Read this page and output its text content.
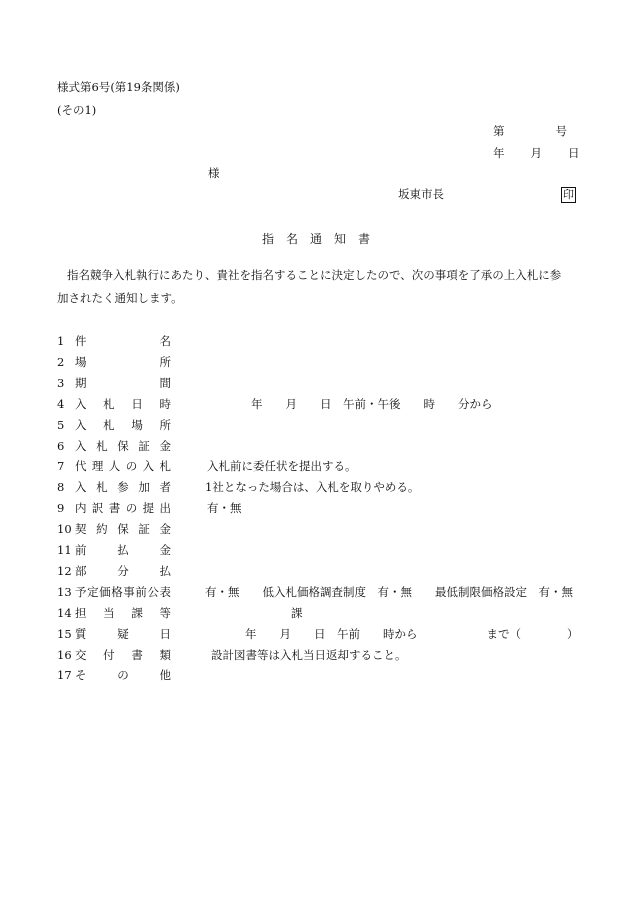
様式第6号(第19条関係)
(その1)
第　　　　号
年　　月　　日
様
坂東市長	印
指　名　通　知　書
指名競争入札執行にあたり、貴社を指名することに決定したので、次の事項を了承の上入札に参
加されたく通知します。
1 件名
2 場所
3 期間
4 入札日時	年　　月　　日　午前・午後　　時　　分から
5 入札場所
6 入札保証金
7 代理人の入札	入札前に委任状を提出する。
8 入札参加者	1社となった場合は、入札を取りやめる。
9 内訳書の提出	有・無
10 契約保証金
11 前払金
12 部分払
13 予定価格事前公表	有・無　　低入札価格調査制度　有・無　　最低制限価格設定　有・無
14 担当課等	課
15 質疑日	年　　月　　日　午前　　時から　　　　　　まで（　　　　）
16 交付書類	設計図書等は入札当日返却すること。
17 その他
